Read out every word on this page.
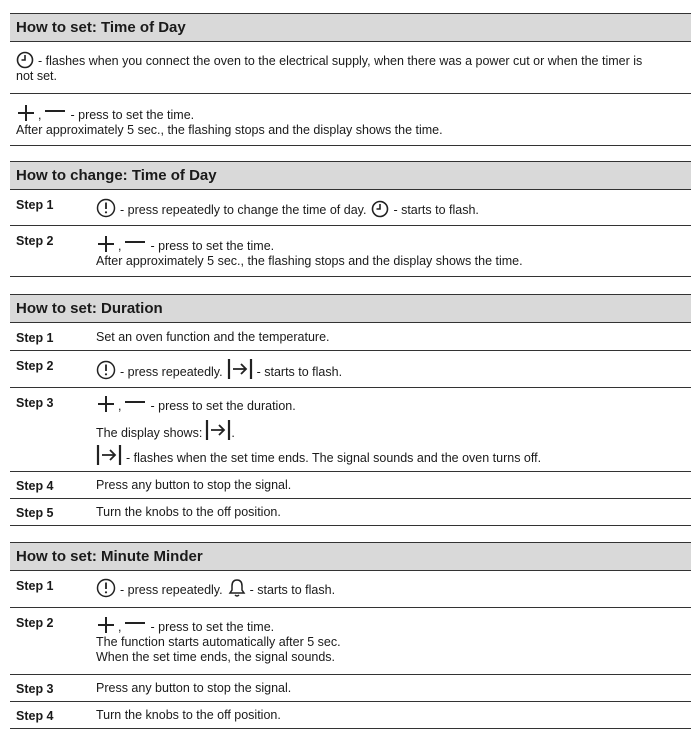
How to set: Time of Day
- flashes when you connect the oven to the electrical supply, when there was a power cut or when the timer is
not set.
, - press to set the time.
After approximately 5 sec., the flashing stops and the display shows the time.
How to change: Time of Day
Step 1	- press repeatedly to change the time of day. - starts to flash.
Step 2	, - press to set the time.
After approximately 5 sec., the flashing stops and the display shows the time.
How to set: Duration
Step 1	Set an oven function and the temperature.
Step 2	- press repeatedly.	- starts to flash.
Step 3	, - press to set the duration.
The display shows: .
- flashes when the set time ends. The signal sounds and the oven turns off.
Step 4	Press any button to stop the signal.
Step 5	Turn the knobs to the off position.
How to set: Minute Minder
Step 1	- press repeatedly. - starts to flash.
Step 2	, - press to set the time.
The function starts automatically after 5 sec.
When the set time ends, the signal sounds.
Step 3	Press any button to stop the signal.
Step 4	Turn the knobs to the off position.
